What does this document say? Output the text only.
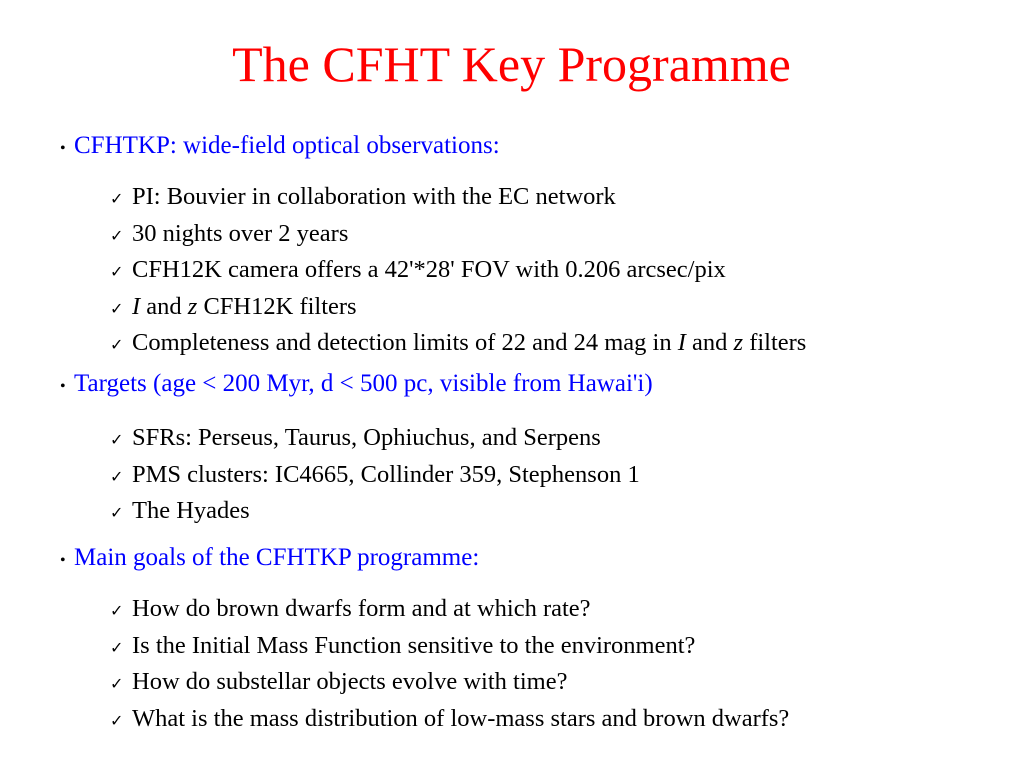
The CFHT Key Programme
• CFHTKP: wide-field optical observations:
✓ PI: Bouvier in collaboration with the EC network
✓ 30 nights over 2 years
✓ CFH12K camera offers a 42'*28' FOV with 0.206 arcsec/pix
✓ I and z CFH12K filters
✓ Completeness and detection limits of 22 and 24 mag in I and z filters
• Targets (age < 200 Myr, d < 500 pc, visible from Hawai'i)
✓ SFRs: Perseus, Taurus, Ophiuchus, and Serpens
✓ PMS clusters: IC4665, Collinder 359, Stephenson 1
✓ The Hyades
• Main goals of the CFHTKP programme:
✓ How do brown dwarfs form and at which rate?
✓ Is the Initial Mass Function sensitive to the environment?
✓ How do substellar objects evolve with time?
✓ What is the mass distribution of low-mass stars and brown dwarfs?
